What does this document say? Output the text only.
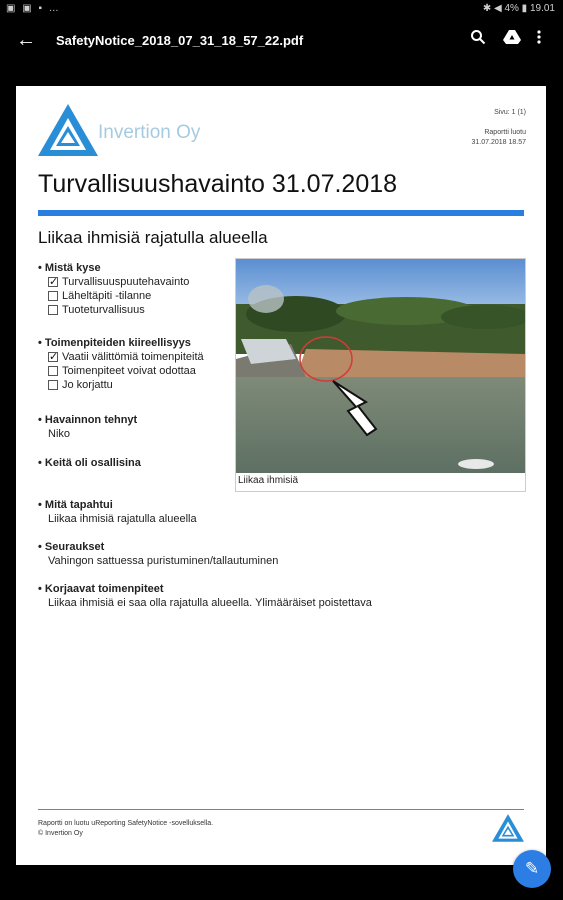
▣ ▣ ▪ …	✱ ◀ 4% ▮ 19.01
← SafetyNotice_2018_07_31_18_57_22.pdf
Invertion Oy
Sivu: 1 (1)
Raportti luotu
31.07.2018 18.57
Turvallisuushavainto 31.07.2018
Liikaa ihmisiä rajatulla alueella
• Mistä kyse
✓
Turvallisuuspuutehavainto
Läheltäpiti -tilanne
Tuoteturvallisuus
• Toimenpiteiden kiireellisyys
✓
Vaatii välittömiä toimenpiteitä
Toimenpiteet voivat odottaa
Jo korjattu
• Havainnon tehnyt
Niko
• Keitä oli osallisina
Liikaa ihmisiä
• Mitä tapahtui
Liikaa ihmisiä rajatulla alueella
• Seuraukset
Vahingon sattuessa puristuminen/tallautuminen
• Korjaavat toimenpiteet
Liikaa ihmisiä ei saa olla rajatulla alueella. Ylimääräiset poistettava
Raportti on luotu uReporting SafetyNotice -sovelluksella.
© Invertion Oy
✎
